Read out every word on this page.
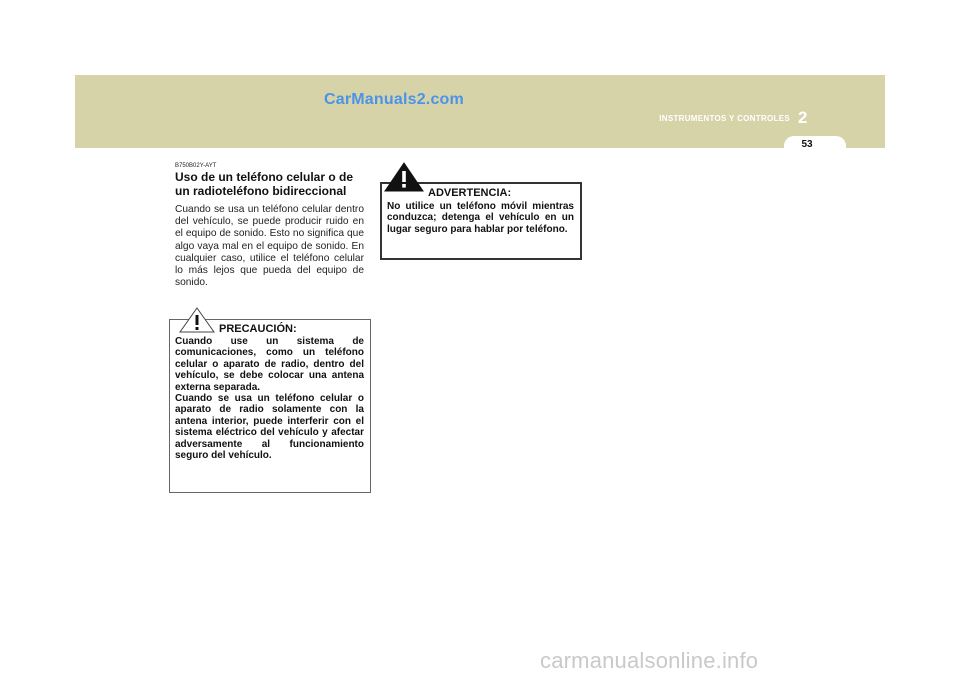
CarManuals2.com
INSTRUMENTOS Y CONTROLES 2
53
B750B02Y-AYT
Uso de un teléfono celular o de un radioteléfono bidireccional

Cuando se usa un teléfono celular dentro del vehículo, se puede producir ruido en el equipo de sonido. Esto no significa que algo vaya mal en el equipo de sonido. En cualquier caso, utilice el teléfono celular lo más lejos que pueda del equipo de sonido.

PRECAUCIÓN:
Cuando use un sistema de comunicaciones, como un teléfono celular o aparato de radio, dentro del vehículo, se debe colocar una antena externa separada.
Cuando se usa un teléfono celular o aparato de radio solamente con la antena interior, puede interferir con el sistema eléctrico del vehículo y afectar adversamente al funcionamiento seguro del vehículo.
ADVERTENCIA:
No utilice un teléfono móvil mientras conduzca; detenga el vehículo en un lugar seguro para hablar por teléfono.
carmanualsonline.info
